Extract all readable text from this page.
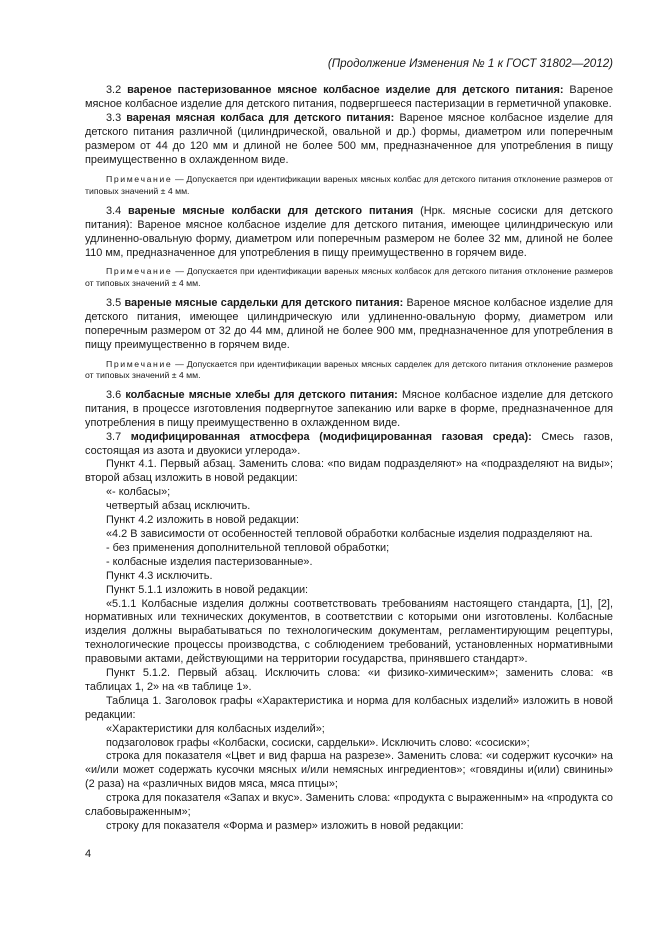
(Продолжение Изменения № 1 к ГОСТ 31802—2012)

3.2 вареное пастеризованное мясное колбасное изделие для детского питания: Вареное мясное колбасное изделие для детского питания, подвергшееся пастеризации в герметичной упаковке.

3.3 вареная мясная колбаса для детского питания: Вареное мясное колбасное изделие для детского питания различной (цилиндрической, овальной и др.) формы, диаметром или поперечным размером от 44 до 120 мм и длиной не более 500 мм, предназначенное для употребления в пищу преимущественно в охлажденном виде.

Примечание — Допускается при идентификации вареных мясных колбас для детского питания отклонение размеров от типовых значений ± 4 мм.

3.4 вареные мясные колбаски для детского питания (Нрк. мясные сосиски для детского питания): Вареное мясное колбасное изделие для детского питания, имеющее цилиндрическую или удлиненно-овальную форму, диаметром или поперечным размером не более 32 мм, длиной не более 110 мм, предназначенное для употребления в пищу преимущественно в горячем виде.

Примечание — Допускается при идентификации вареных мясных колбасок для детского питания отклонение размеров от типовых значений ± 4 мм.

3.5 вареные мясные сардельки для детского питания: Вареное мясное колбасное изделие для детского питания, имеющее цилиндрическую или удлиненно-овальную форму, диаметром или поперечным размером от 32 до 44 мм, длиной не более 900 мм, предназначенное для употребления в пищу преимущественно в горячем виде.

Примечание — Допускается при идентификации вареных мясных сарделек для детского питания отклонение размеров от типовых значений ± 4 мм.

3.6 колбасные мясные хлебы для детского питания: Мясное колбасное изделие для детского питания, в процессе изготовления подвергнутое запеканию или варке в форме, предназначенное для употребления в пищу преимущественно в охлажденном виде.

3.7 модифицированная атмосфера (модифицированная газовая среда): Смесь газов, состоящая из азота и двуокиси углерода».

Пункт 4.1. Первый абзац. Заменить слова: «по видам подразделяют» на «подразделяют на виды»; второй абзац изложить в новой редакции:

«- колбасы»;

четвертый абзац исключить.

Пункт 4.2 изложить в новой редакции:

«4.2 В зависимости от особенностей тепловой обработки колбасные изделия подразделяют на.

- без применения дополнительной тепловой обработки;

- колбасные изделия пастеризованные».

Пункт 4.3 исключить.

Пункт 5.1.1 изложить в новой редакции:

«5.1.1 Колбасные изделия должны соответствовать требованиям настоящего стандарта, [1], [2], нормативных или технических документов, в соответствии с которыми они изготовлены. Колбасные изделия должны вырабатываться по технологическим документам, регламентирующим рецептуры, технологические процессы производства, с соблюдением требований, установленных нормативными правовыми актами, действующими на территории государства, принявшего стандарт».

Пункт 5.1.2. Первый абзац. Исключить слова: «и физико-химическим»; заменить слова: «в таблицах 1, 2» на «в таблице 1».

Таблица 1. Заголовок графы «Характеристика и норма для колбасных изделий» изложить в новой редакции:

«Характеристики для колбасных изделий»;

подзаголовок графы «Колбаски, сосиски, сардельки». Исключить слово: «сосиски»;

строка для показателя «Цвет и вид фарша на разрезе». Заменить слова: «и содержит кусочки» на «и/или может содержать кусочки мясных и/или немясных ингредиентов»; «говядины и(или) свинины» (2 раза) на «различных видов мяса, мяса птицы»;

строка для показателя «Запах и вкус». Заменить слова: «продукта с выраженным» на «продукта со слабовыраженным»;

строку для показателя «Форма и размер» изложить в новой редакции:

4
